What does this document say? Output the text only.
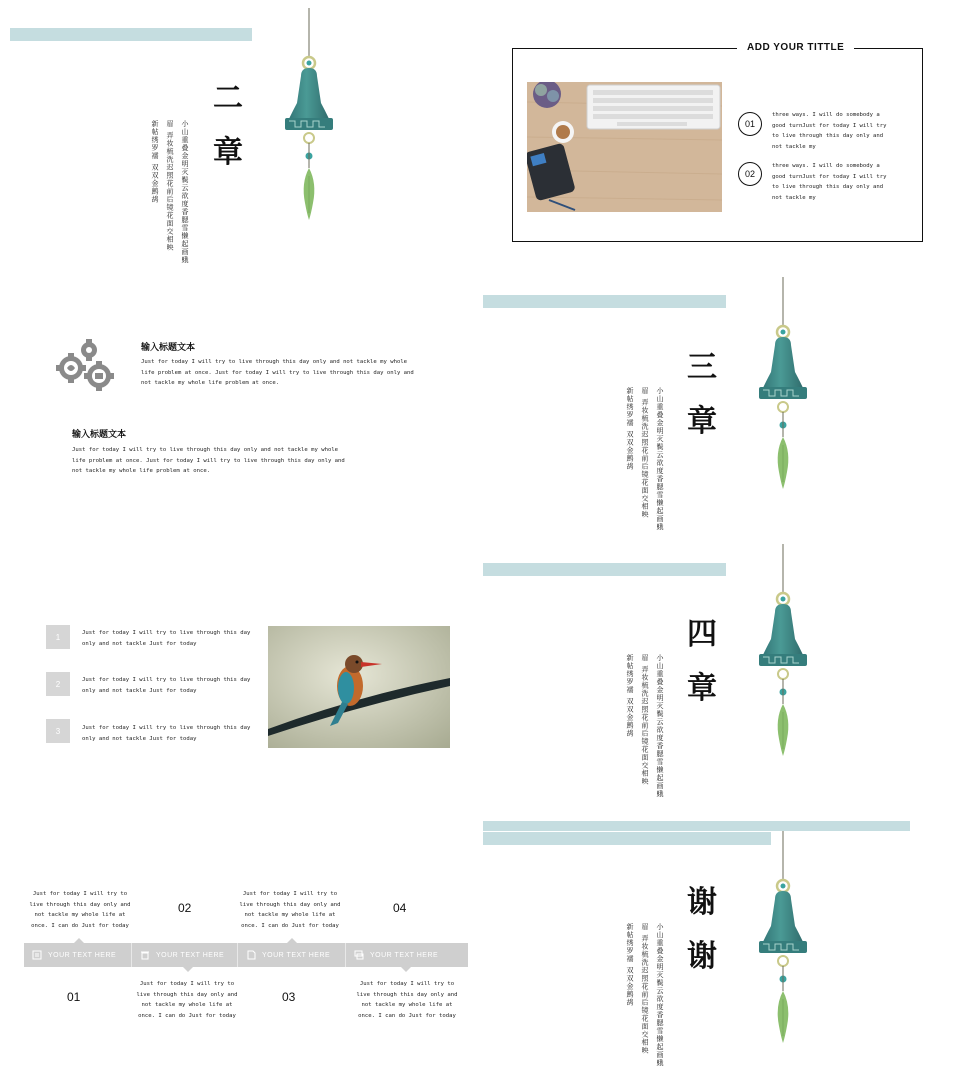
二
章
小山重叠金明灭鬓云欲度香腮雪懒起画蛾
眉 弄妆梳洗迟照花前后镜花面交相映
新帖绣罗襦 双双金鹧鸪
ADD YOUR TITTLE
01
three ways. I will do somebody a good turnJust for today I will try to live through this day only and not tackle my
02
three ways. I will do somebody a good turnJust for today I will try to live through this day only and not tackle my
输入标题文本
Just for today I will try to live through this day only and not tackle my whole life problem at once. Just for today I will try to live through this day only and not tackle my whole life problem at once.
输入标题文本
Just for today I will try to live through this day only and not tackle my whole life problem at once. Just for today I will try to live through this day only and not tackle my whole life problem at once.
三
章
小山重叠金明灭鬓云欲度香腮雪懒起画蛾
眉 弄妆梳洗迟照花前后镜花面交相映
新帖绣罗襦 双双金鹧鸪
1	Just for today I will try to live through this day only and not tackle Just for today
2	Just for today I will try to live through this day only and not tackle Just for today
3	Just for today I will try to live through this day only and not tackle Just for today
四
章
小山重叠金明灭鬓云欲度香腮雪懒起画蛾
眉 弄妆梳洗迟照花前后镜花面交相映
新帖绣罗襦 双双金鹧鸪
Just for today I will try to live through this day only and not tackle my whole life at once. I can do Just for today
Just for today I will try to live through this day only and not tackle my whole life at once. I can do Just for today
02	04
YOUR TEXT HERE	YOUR TEXT HERE	YOUR TEXT HERE	YOUR TEXT HERE
01	03
Just for today I will try to live through this day only and not tackle my whole life at once. I can do Just for today
Just for today I will try to live through this day only and not tackle my whole life at once. I can do Just for today
谢
谢
小山重叠金明灭鬓云欲度香腮雪懒起画蛾
眉 弄妆梳洗迟照花前后镜花面交相映
新帖绣罗襦 双双金鹧鸪
